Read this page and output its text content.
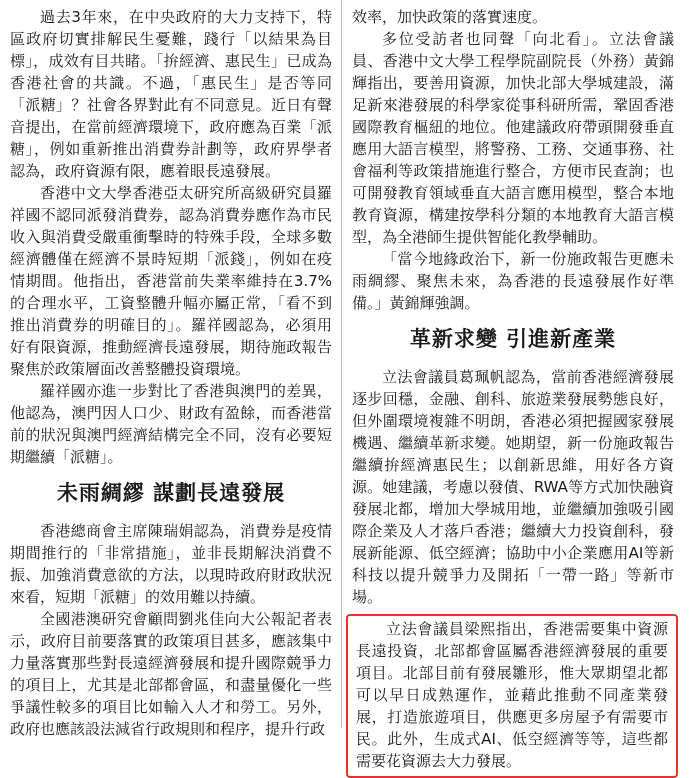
過去3年來，在中央政府的大力支持下，特區政府切實排解民生憂難，踐行「以結果為目標」，成效有目共睹。「拚經濟、惠民生」已成為香港社會的共識。不過，「惠民生」是否等同「派糖」？社會各界對此有不同意見。近日有聲音提出，在當前經濟環境下，政府應為百業「派糖」，例如重新推出消費券計劃等，政府界學者認為，政府資源有限，應着眼長遠發展。

香港中文大學香港亞太研究所高級研究員羅祥國不認同派發消費券，認為消費券應作為市民收入與消費受嚴重衝擊時的特殊手段，全球多數經濟體僅在經濟不景時短期「派錢」，例如在疫情期間。他指出，香港當前失業率維持在3.7%的合理水平，工資整體升幅亦屬正常，「看不到推出消費券的明確目的」。羅祥國認為，必須用好有限資源，推動經濟長遠發展，期待施政報告聚焦於政策層面改善整體投資環境。

羅祥國亦進一步對比了香港與澳門的差異，他認為，澳門因人口少、財政有盈餘，而香港當前的狀況與澳門經濟結構完全不同，沒有必要短期繼續「派糖」。

未雨綢繆 謀劃長遠發展

香港總商會主席陳瑞娟認為，消費券是疫情期間推行的「非常措施」，並非長期解決消費不振、加強消費意欲的方法，以現時政府財政狀況來看，短期「派糖」的效用難以持續。

全國港澳研究會顧問劉兆佳向大公報記者表示，政府目前要落實的政策項目甚多，應該集中力量落實那些對長遠經濟發展和提升國際競爭力的項目上，尤其是北部都會區，和盡量優化一些爭議性較多的項目比如輸入人才和勞工。另外，政府也應該設法減省行政規則和程序，提升行政

效率，加快政策的落實速度。

多位受訪者也同聲「向北看」。立法會議員、香港中文大學工程學院副院長（外務）黃錦輝指出，要善用資源，加快北部大學城建設，滿足新來港發展的科學家從事科研所需，鞏固香港國際教育樞紐的地位。他建議政府帶頭開發垂直應用大語言模型，將警務、工務、交通事務、社會福利等政策措施進行整合，方便市民查詢；也可開發教育領域垂直大語言應用模型，整合本地教育資源，構建按學科分類的本地教育大語言模型，為全港師生提供智能化教學輔助。

「當今地緣政治下，新一份施政報告更應未雨綢繆、聚焦未來，為香港的長遠發展作好準備。」黃錦輝強調。

革新求變 引進新產業

立法會議員葛珮帆認為，當前香港經濟發展逐步回穩，金融、創科、旅遊業發展勢態良好，但外圍環境複雜不明朗，香港必須把握國家發展機遇、繼續革新求變。她期望，新一份施政報告繼續拚經濟惠民生；以創新思維，用好各方資源。她建議，考慮以發債、RWA等方式加快融資發展北都，增加大學城用地，並繼續加強吸引國際企業及人才落戶香港；繼續大力投資創科，發展新能源、低空經濟；協助中小企業應用AI等新科技以提升競爭力及開拓「一帶一路」等新市場。

立法會議員梁熙指出，香港需要集中資源長遠投資，北部都會區屬香港經濟發展的重要項目。北部目前有發展雛形，惟大眾期望北都可以早日成熟運作，並藉此推動不同產業發展，打造旅遊項目，供應更多房屋予有需要市民。此外，生成式AI、低空經濟等等，這些都需要花資源去大力發展。
